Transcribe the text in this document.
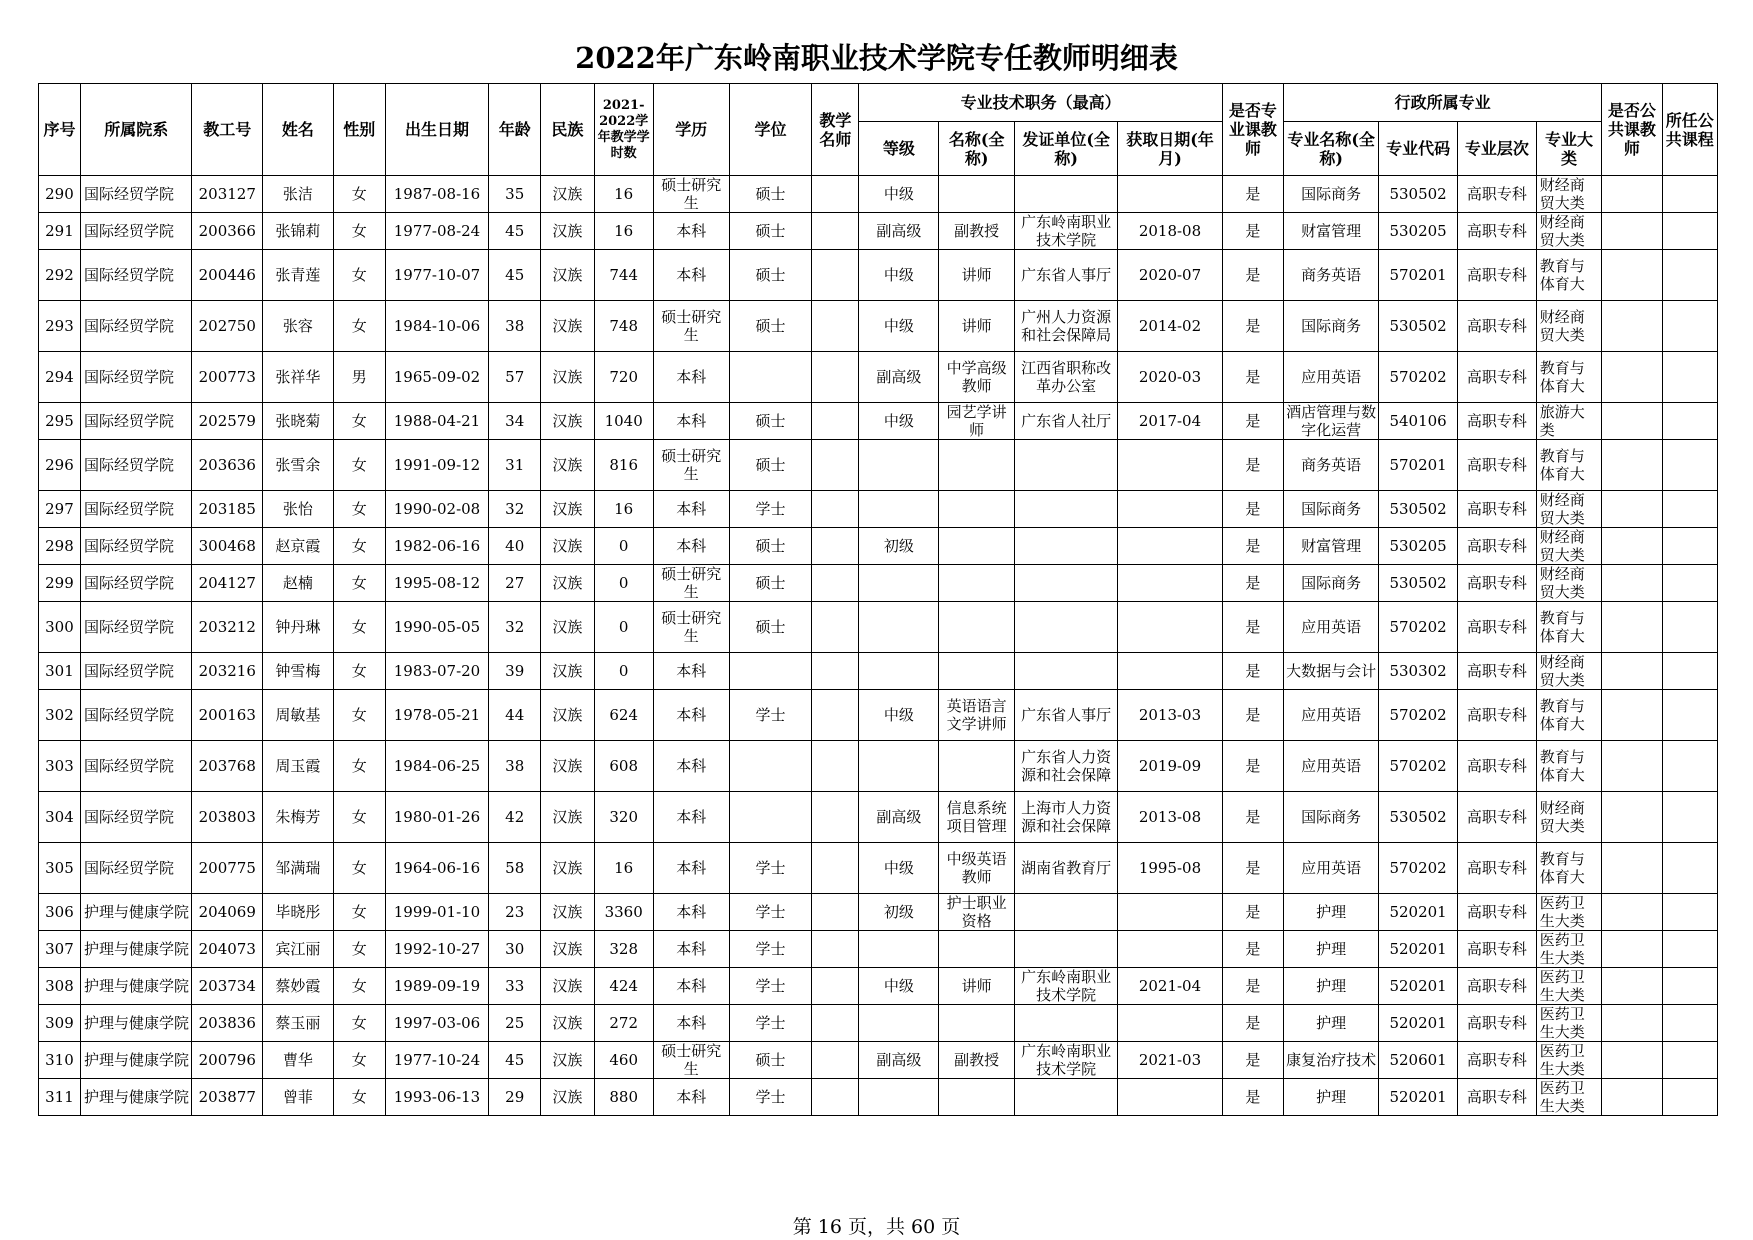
2022年广东岭南职业技术学院专任教师明细表
序号	所属院系	教工号	姓名	性别	出生日期	年龄	民族	2021-2022学年教学学时数	学历	学位	教学名师	专业技术职务（最高）				是否专业课教师	行政所属专业				是否公共课教师	所任公共课程
												等级	名称(全称)	发证单位(全称)	获取日期(年月)		专业名称(全称)	专业代码	专业层次	专业大类		
290	国际经贸学院	203127	张洁	女	1987-08-16	35	汉族	16	硕士研究生	硕士		中级				是	国际商务	530502	高职专科	财经商贸大类		

291	国际经贸学院	200366	张锦莉	女	1977-08-24	45	汉族	16	本科	硕士		副高级	副教授	广东岭南职业技术学院	2018-08	是	财富管理	530205	高职专科	财经商贸大类		

292	国际经贸学院	200446	张青莲	女	1977-10-07	45	汉族	744	本科	硕士		中级	讲师	广东省人事厅	2020-07	是	商务英语	570201	高职专科	教育与体育大		

293	国际经贸学院	202750	张容	女	1984-10-06	38	汉族	748	硕士研究生	硕士		中级	讲师	广州人力资源和社会保障局	2014-02	是	国际商务	530502	高职专科	财经商贸大类		

294	国际经贸学院	200773	张祥华	男	1965-09-02	57	汉族	720	本科			副高级	中学高级教师	江西省职称改革办公室	2020-03	是	应用英语	570202	高职专科	教育与体育大		

295	国际经贸学院	202579	张晓菊	女	1988-04-21	34	汉族	1040	本科	硕士		中级	园艺学讲师	广东省人社厅	2017-04	是	酒店管理与数字化运营	540106	高职专科	旅游大类		

296	国际经贸学院	203636	张雪余	女	1991-09-12	31	汉族	816	硕士研究生	硕士						是	商务英语	570201	高职专科	教育与体育大		

297	国际经贸学院	203185	张怡	女	1990-02-08	32	汉族	16	本科	学士						是	国际商务	530502	高职专科	财经商贸大类		

298	国际经贸学院	300468	赵京霞	女	1982-06-16	40	汉族	0	本科	硕士		初级				是	财富管理	530205	高职专科	财经商贸大类		

299	国际经贸学院	204127	赵楠	女	1995-08-12	27	汉族	0	硕士研究生	硕士						是	国际商务	530502	高职专科	财经商贸大类		

300	国际经贸学院	203212	钟丹琳	女	1990-05-05	32	汉族	0	硕士研究生	硕士						是	应用英语	570202	高职专科	教育与体育大		

301	国际经贸学院	203216	钟雪梅	女	1983-07-20	39	汉族	0	本科							是	大数据与会计	530302	高职专科	财经商贸大类		

302	国际经贸学院	200163	周敏基	女	1978-05-21	44	汉族	624	本科	学士		中级	英语语言文学讲师	广东省人事厅	2013-03	是	应用英语	570202	高职专科	教育与体育大		

303	国际经贸学院	203768	周玉霞	女	1984-06-25	38	汉族	608	本科					广东省人力资源和社会保障	2019-09	是	应用英语	570202	高职专科	教育与体育大		

304	国际经贸学院	203803	朱梅芳	女	1980-01-26	42	汉族	320	本科			副高级	信息系统项目管理	上海市人力资源和社会保障	2013-08	是	国际商务	530502	高职专科	财经商贸大类		

305	国际经贸学院	200775	邹满瑞	女	1964-06-16	58	汉族	16	本科	学士		中级	中级英语教师	湖南省教育厅	1995-08	是	应用英语	570202	高职专科	教育与体育大		

306	护理与健康学院	204069	毕晓彤	女	1999-01-10	23	汉族	3360	本科	学士		初级	护士职业资格			是	护理	520201	高职专科	医药卫生大类		

307	护理与健康学院	204073	宾江丽	女	1992-10-27	30	汉族	328	本科	学士						是	护理	520201	高职专科	医药卫生大类		

308	护理与健康学院	203734	蔡妙霞	女	1989-09-19	33	汉族	424	本科	学士		中级	讲师	广东岭南职业技术学院	2021-04	是	护理	520201	高职专科	医药卫生大类		

309	护理与健康学院	203836	蔡玉丽	女	1997-03-06	25	汉族	272	本科	学士						是	护理	520201	高职专科	医药卫生大类		

310	护理与健康学院	200796	曹华	女	1977-10-24	45	汉族	460	硕士研究生	硕士		副高级	副教授	广东岭南职业技术学院	2021-03	是	康复治疗技术	520601	高职专科	医药卫生大类		

311	护理与健康学院	203877	曾菲	女	1993-06-13	29	汉族	880	本科	学士						是	护理	520201	高职专科	医药卫生大类		

第 16 页，共 60 页
